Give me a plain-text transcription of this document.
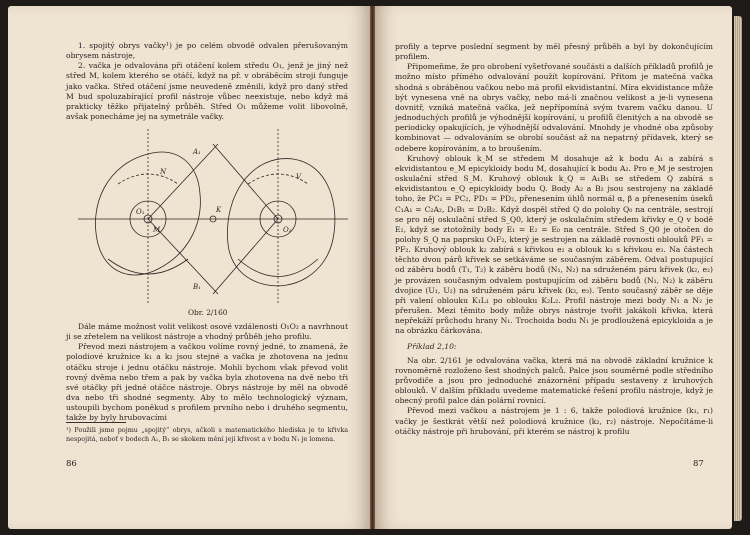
1. spojitý obrys vačky¹) je po celém obvodě odvalen přerušovaným obrysem nástroje,

2. vačka je odvalována při otáčení kolem středu O₁, jenž je jiný než střed M, kolem kterého se otáčí, když na př. v obráběcím stroji funguje jako vačka. Střed otáčení jsme neuvedeně změnili, když pro daný střed M bud spoluzabírající profil nástroje vůbec neexistuje, nebo když má prakticky těžko přijatelný průběh. Střed O₁ můžeme volit libovolně, avšak ponecháme jej na symetrále vačky.

N
V
M
O₁
O₂
A₁
B₁
K
Obr. 2/160

Dále máme možnost volit velikost osové vzdálenosti O₁O₂ a navrhnout ji se zřetelem na velikost nástroje a vhodný průběh jeho profilu.

Převod mezi nástrojem a vačkou volíme rovný jedné, to znamená, že polodiové kružnice k₁ a k₂ jsou stejné a vačka je zhotovena na jednu otáčku stroje i jednu otáčku nástroje. Mohli bychom však převod volit rovný dvěma nebo třem a pak by vačka byla zhotovena na dvě nebo tři své otáčky při jedné otáčce nástroje. Obrys nástroje by měl na obvodě dva nebo tři shodné segmenty. Aby to mělo technologický význam, ustoupili bychom poněkud s profilem prvního nebo i druhého segmentu, takže by byly hrubovacími

¹) Použili jsme pojmu „spojitý“ obrys, ačkoli s matematického hlediska je to křivka nespojitá, neboť v bodech A₁, B₁ se skokem mění její křivost a v bodu N₁ je lomena.
86

profily a teprve poslední segment by měl přesný průběh a byl by dokončujícím profilem.

Připomeňme, že pro obrobení vyšetřované součásti a dalších příkladů profilů je možno místo přímého odvalování použít kopírování. Přitom je matečná vačka shodná s obráběnou vačkou nebo má profil ekvidistantní. Míra ekvidistance může být vynesena vně na obrys vačky, nebo má-li značnou velikost a je-li vynesena dovnitř, vzniká matečná vačka, jež nepřípomíná svým tvarem vačku danou. U jednoduchých profilů je výhodnější kopírování, u profilů členitých a na obvodě se periodicky opakujících, je výhodnější odvalování. Mnohdy je vhodné oba způsoby kombinovat — odvalováním se obrobí součást až na nepatrný přídavek, který se odebere kopírováním, a to broušením.

Kruhový oblouk k_M se středem M dosahuje až k bodu A₁ a zabírá s ekvidistantou e_M epicykloidy bodu M, dosahující k bodu A₂. Pro e_M je sestrojen oskulační střed S_M. Kruhový oblouk k_Q = A₁B₁ se středem Q zabírá s ekvidistantou e_Q epicykloidy bodu Q. Body A₂ a B₂ jsou sestrojeny na základě toho, že PC₁ = PC₂, PD₁ = PD₂, přenesením úhlů normál α, β a přenesením úseků C₁A₁ = C₂A₂, D₁B₁ = D₂B₂. Když dospěl střed Q do polohy Q₀ na centrále, sestrojí se pro něj oskulační střed S_Q0, který je oskulačním středem křivky e_Q v bodě E₂, když se ztotožnily body E₁ = E₂ = E₀ na centrále. Střed S_Q0 je otočen do polohy S_Q na paprsku O₁F₂, který je sestrojen na základě rovnosti oblouků PF₁ = PF₂. Kruhový oblouk k₂ zabírá s křivkou e₂ a oblouk k₃ s křivkou e₃. Na částech těchto dvou párů křivek se setkáváme se současným záběrem. Odval postupující od záběru bodů (T₁, T₂) k záběru bodů (N₁, N₂) na sdruženém páru křivek (k₂, e₂) je provázen současným odvalem postupujícím od záběru bodů (N₁, N₂) k záběru dvojice (U₁, U₂) na sdruženém páru křivek (k₃, e₃). Tento současný záběr se děje při valení oblouku K₁L₁ po oblouku K₂L₂. Profil nástroje mezi body N₁ a N₂ je přerušen. Mezi těmito body může obrys nástroje tvořit jakákoli křivka, která nepřekáží průchodu hrany N₁. Trochoida bodu N₁ je prodloužená epicykloida a je na obrázku čárkována.

Příklad 2,10:

Na obr. 2/161 je odvalována vačka, která má na obvodě základní kružnice k rovnoměrně rozloženo šest shodných palců. Palce jsou souměrné podle středního průvodiče a jsou pro jednoduché znázornění případu sestaveny z kruhových oblouků. V dalším příkladu uvedeme matematické řešení profilu nástroje, když je obecný profil palce dán polární rovnicí.

Převod mezi vačkou a nástrojem je 1 : 6, takže polodiová kružnice (k₁, r₁) vačky je šestkrát větší než polodiová kružnice (k₂, r₂) nástroje. Nepočítáme-li otáčky nástroje při hrubování, při kterém se nástroj k profilu

87
